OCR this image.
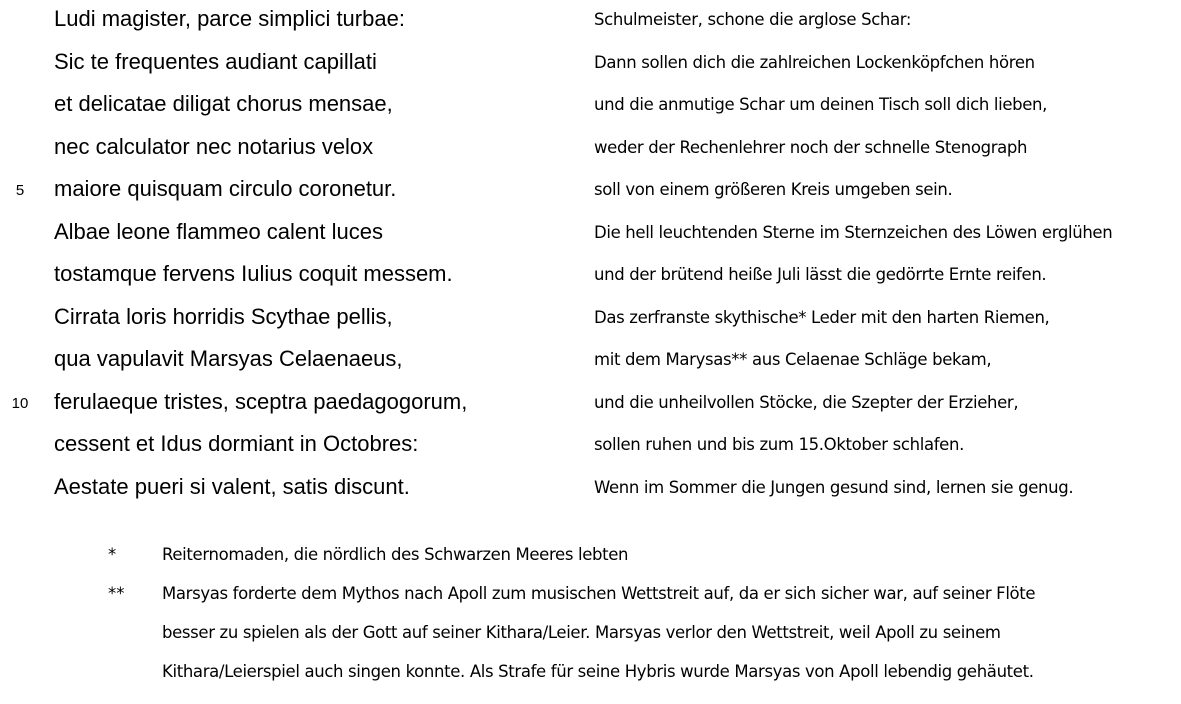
Ludi magister, parce simplici turbae:	Schulmeister, schone die arglose Schar:
Sic te frequentes audiant capillati	Dann sollen dich die zahlreichen Lockenköpfchen hören
et delicatae diligat chorus mensae,	und die anmutige Schar um deinen Tisch soll dich lieben,
nec calculator nec notarius velox	weder der Rechenlehrer noch der schnelle Stenograph
5 maiore quisquam circulo coronetur.	soll von einem größeren Kreis umgeben sein.
Albae leone flammeo calent luces	Die hell leuchtenden Sterne im Sternzeichen des Löwen erglühen
tostamque fervens Iulius coquit messem.	und der brütend heiße Juli lässt die gedörrte Ernte reifen.
Cirrata loris horridis Scythae pellis,	Das zerfranste skythische* Leder mit den harten Riemen,
qua vapulavit Marsyas Celaenaeus,	mit dem Marysas** aus Celaenae Schläge bekam,
10 ferulaeque tristes, sceptra paedagogorum,	und die unheilvollen Stöcke, die Szepter der Erzieher,
cessent et Idus dormiant in Octobres:	sollen ruhen und bis zum 15.Oktober schlafen.
Aestate pueri si valent, satis discunt.	Wenn im Sommer die Jungen gesund sind, lernen sie genug.
*	Reiternomaden, die nördlich des Schwarzen Meeres lebten
** Marsyas forderte dem Mythos nach Apoll zum musischen Wettstreit auf, da er sich sicher war, auf seiner Flöte
besser zu spielen als der Gott auf seiner Kithara/Leier. Marsyas verlor den Wettstreit, weil Apoll zu seinem
Kithara/Leierspiel auch singen konnte. Als Strafe für seine Hybris wurde Marsyas von Apoll lebendig gehäutet.
